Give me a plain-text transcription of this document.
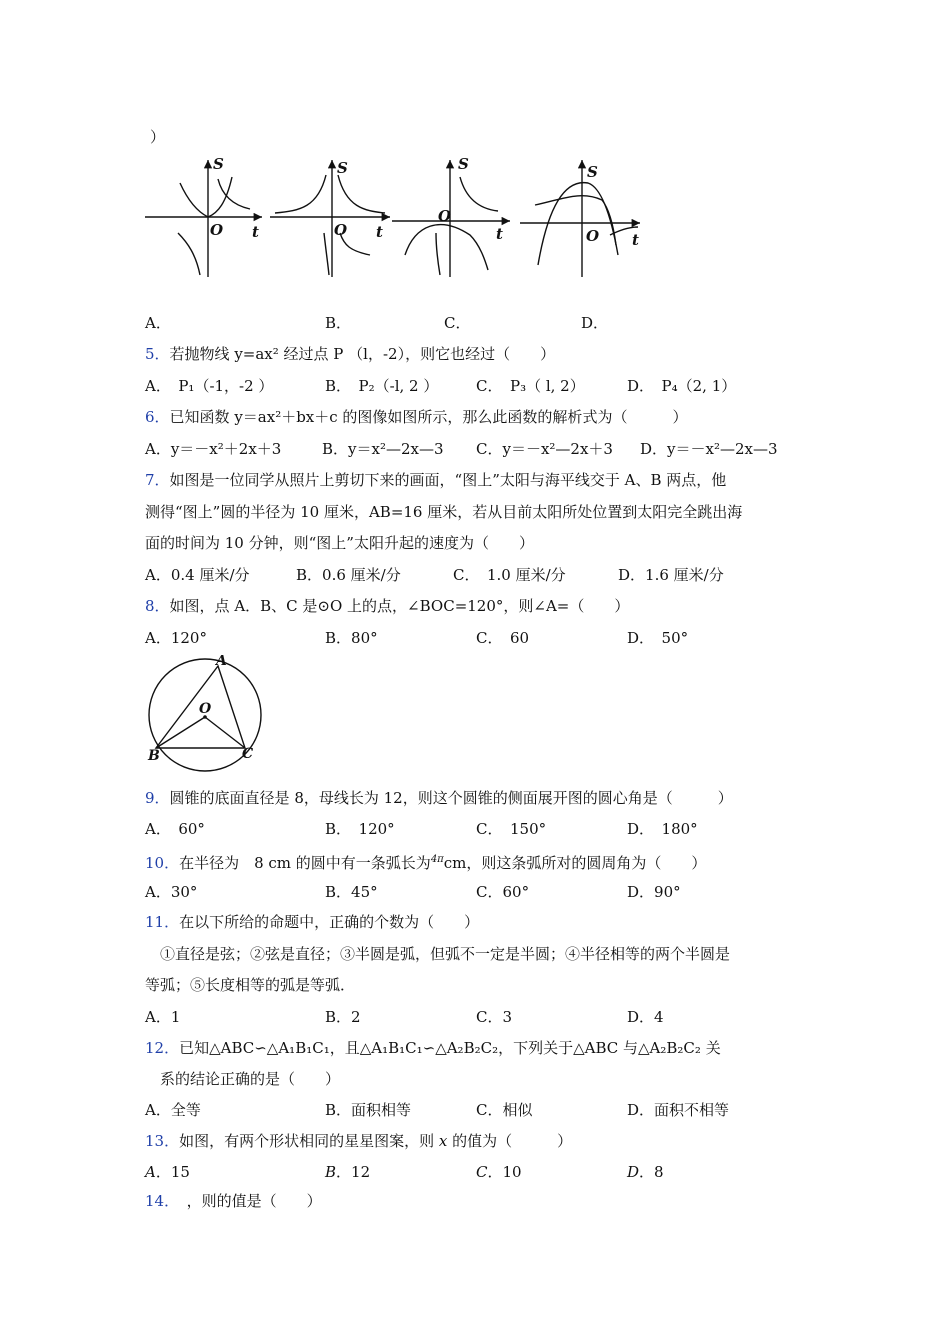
）
S
O t
S
O t
S
O
t
S
O t
A．	B．	C．	D．
5．若抛物线 y=ax² 经过点 P （l，-2），则它也经过（　　）
A．　P₁（-1，-2 ）	B．　P₂（-l, 2 ）	C．　P₃（ l, 2）	D．　P₄（2, 1）
6．已知函数 y＝ax²＋bx＋c 的图像如图所示，那么此函数的解析式为（　　　）
A．y＝－x²＋2x＋3	B．y＝x²—2x—3 C．y＝－x²—2x＋3 D．y＝－x²—2x—3
7．如图是一位同学从照片上剪切下来的画面，“图上”太阳与海平线交于 A、B 两点，他
测得“图上”圆的半径为 10 厘米，AB=16 厘米，若从目前太阳所处位置到太阳完全跳出海
面的时间为 10 分钟，则“图上”太阳升起的速度为（　　）
A．0.4 厘米/分	B．0.6 厘米/分	C．　1.0 厘米/分	D．1.6 厘米/分
8．如图，点 A．B、C 是⊙O 上的点，∠BOC=120°，则∠A=（　　）
A．120°	B．80°	C．　60	D．　50°
A
O
B	C
9．圆锥的底面直径是 8，母线长为 12，则这个圆锥的侧面展开图的圆心角是（　　　）
A．　60°	B．　120°	C．　150°	D．　180°
10．在半径为　8 cm 的圆中有一条弧长为$^{4\pi}$cm，则这条弧所对的圆周角为（　　）
A．30°	B．45°	C．60°	D．90°
11．在以下所给的命题中，正确的个数为（　　）
①直径是弦；②弦是直径；③半圆是弧，但弧不一定是半圆；④半径相等的两个半圆是
等弧；⑤长度相等的弧是等弧．
A．1	B．2	C．3	D．4
12．已知△ABC∽△A₁B₁C₁，且△A₁B₁C₁∽△A₂B₂C₂，下列关于△ABC 与△A₂B₂C₂ 关
系的结论正确的是（　　）
A．全等	B．面积相等	C．相似	D．面积不相等
13．如图，有两个形状相同的星星图案，则 x 的值为（　　　）
A．15	B．12	C．10	D．8
14．　，则的值是（　　）
